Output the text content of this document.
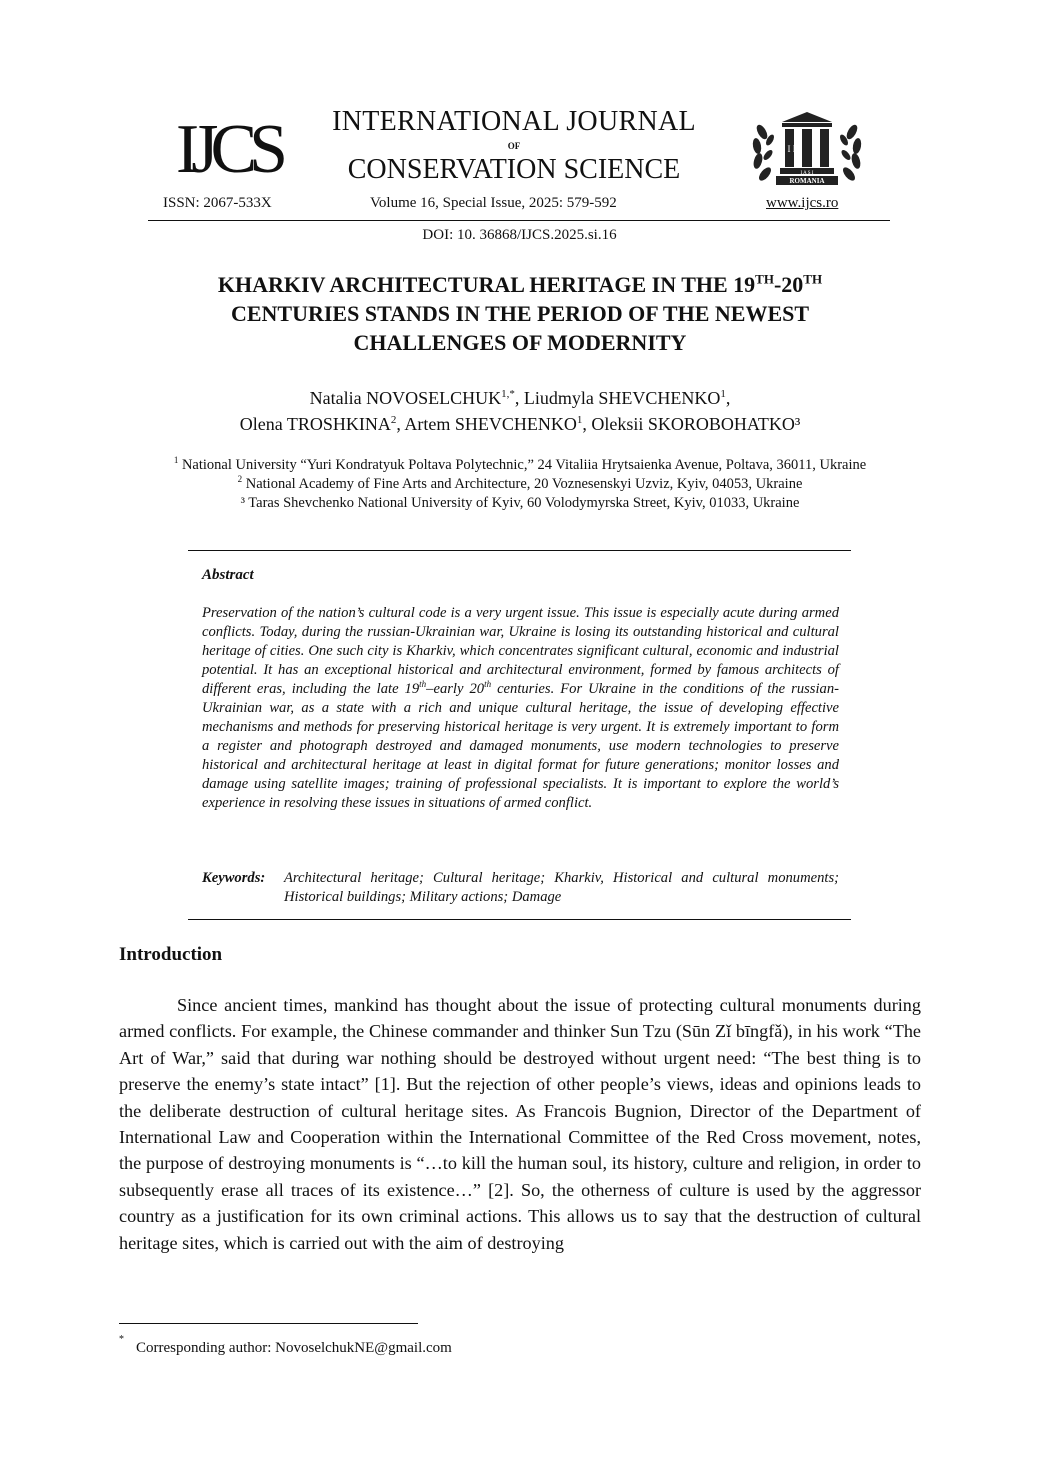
IJCS	INTERNATIONAL JOURNAL
OF
CONSERVATION SCIENCE
F I R
I A Ş I
ROMANIA
ISSN: 2067-533X	Volume 16, Special Issue, 2025: 579-592	www.ijcs.ro
DOI: 10. 36868/IJCS.2025.si.16
KHARKIV ARCHITECTURAL HERITAGE IN THE 19TH-20TH
CENTURIES STANDS IN THE PERIOD OF THE NEWEST
CHALLENGES OF MODERNITY
Natalia $NOVOSELCHUK^{1,*}$, Liudmyla SHEVCHENKO$^1$,
Olena TROSHKINA$^2$, Artem SHEVCHENKO$^1$, Oleksii SKOROBOHATKO³
$^1$ National University “Yuri Kondratyuk Poltava Polytechnic,” 24 Vitaliia Hrytsaienka Avenue, Poltava, 36011, Ukraine
$^2$ National Academy of Fine Arts and Architecture, 20 Voznesenskyi Uzviz, Kyiv, 04053, Ukraine
³ Taras Shevchenko National University of Kyiv, 60 Volodymyrska Street, Kyiv, 01033, Ukraine
Abstract
Preservation of the nation’s cultural code is a very urgent issue. This issue is especially acute during armed conflicts. Today, during the russian-Ukrainian war, Ukraine is losing its outstanding historical and cultural heritage of cities. One such city is Kharkiv, which concentrates significant cultural, economic and industrial potential. It has an exceptional historical and architectural environment, formed by famous architects of different eras, including the late 19th–early 20th centuries. For Ukraine in the conditions of the russian-Ukrainian war, as a state with a rich and unique cultural heritage, the issue of developing effective mechanisms and methods for preserving historical heritage is very urgent. It is extremely important to form a register and photograph destroyed and damaged monuments, use modern technologies to preserve historical and architectural heritage at least in digital format for future generations; monitor losses and damage using satellite images; training of professional specialists. It is important to explore the world’s experience in resolving these issues in situations of armed conflict.
Keywords:	Architectural heritage; Cultural heritage; Kharkiv, Historical and cultural monuments; Historical buildings; Military actions; Damage
Introduction
Since ancient times, mankind has thought about the issue of protecting cultural monuments during armed conflicts. For example, the Chinese commander and thinker Sun Tzu (Sūn Zǐ bīngfǎ), in his work “The Art of War,” said that during war nothing should be destroyed without urgent need: “The best thing is to preserve the enemy’s state intact” [1]. But the rejection of other people’s views, ideas and opinions leads to the deliberate destruction of cultural heritage sites. As Francois Bugnion, Director of the Department of International Law and Cooperation within the International Committee of the Red Cross movement, notes, the purpose of destroying monuments is “…to kill the human soul, its history, culture and religion, in order to subsequently erase all traces of its existence…” [2]. So, the otherness of culture is used by the aggressor country as a justification for its own criminal actions. This allows us to say that the destruction of cultural heritage sites, which is carried out with the aim of destroying
*Corresponding author: NovoselchukNE@gmail.com
